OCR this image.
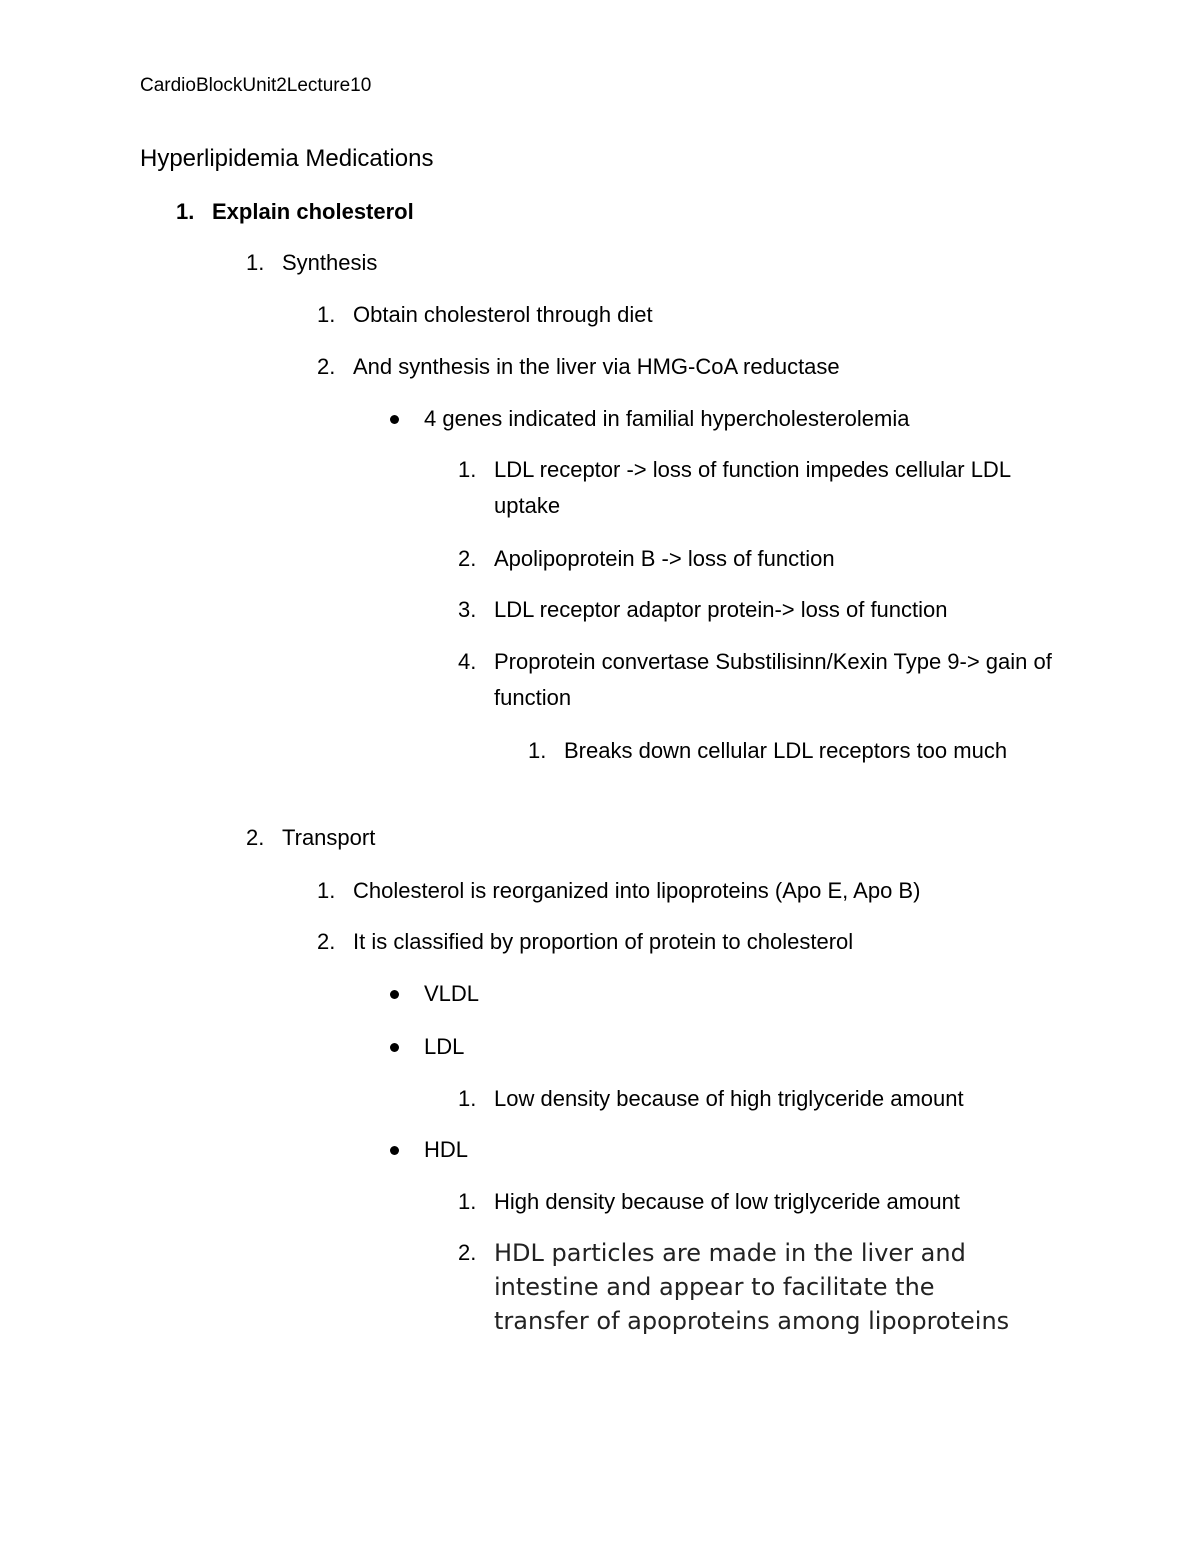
CardioBlockUnit2Lecture10
Hyperlipidemia Medications
1. Explain cholesterol
1. Synthesis
1. Obtain cholesterol through diet
2. And synthesis in the liver via HMG-CoA reductase
4 genes indicated in familial hypercholesterolemia
1. LDL receptor -> loss of function impedes cellular LDL uptake
2. Apolipoprotein B -> loss of function
3. LDL receptor adaptor protein-> loss of function
4. Proprotein convertase Substilisinn/Kexin Type 9-> gain of function
1. Breaks down cellular LDL receptors too much
2. Transport
1. Cholesterol is reorganized into lipoproteins (Apo E, Apo B)
2. It is classified by proportion of protein to cholesterol
VLDL
LDL
1. Low density because of high triglyceride amount
HDL
1. High density because of low triglyceride amount
2. HDL particles are made in the liver and intestine and appear to facilitate the transfer of apoproteins among lipoproteins
